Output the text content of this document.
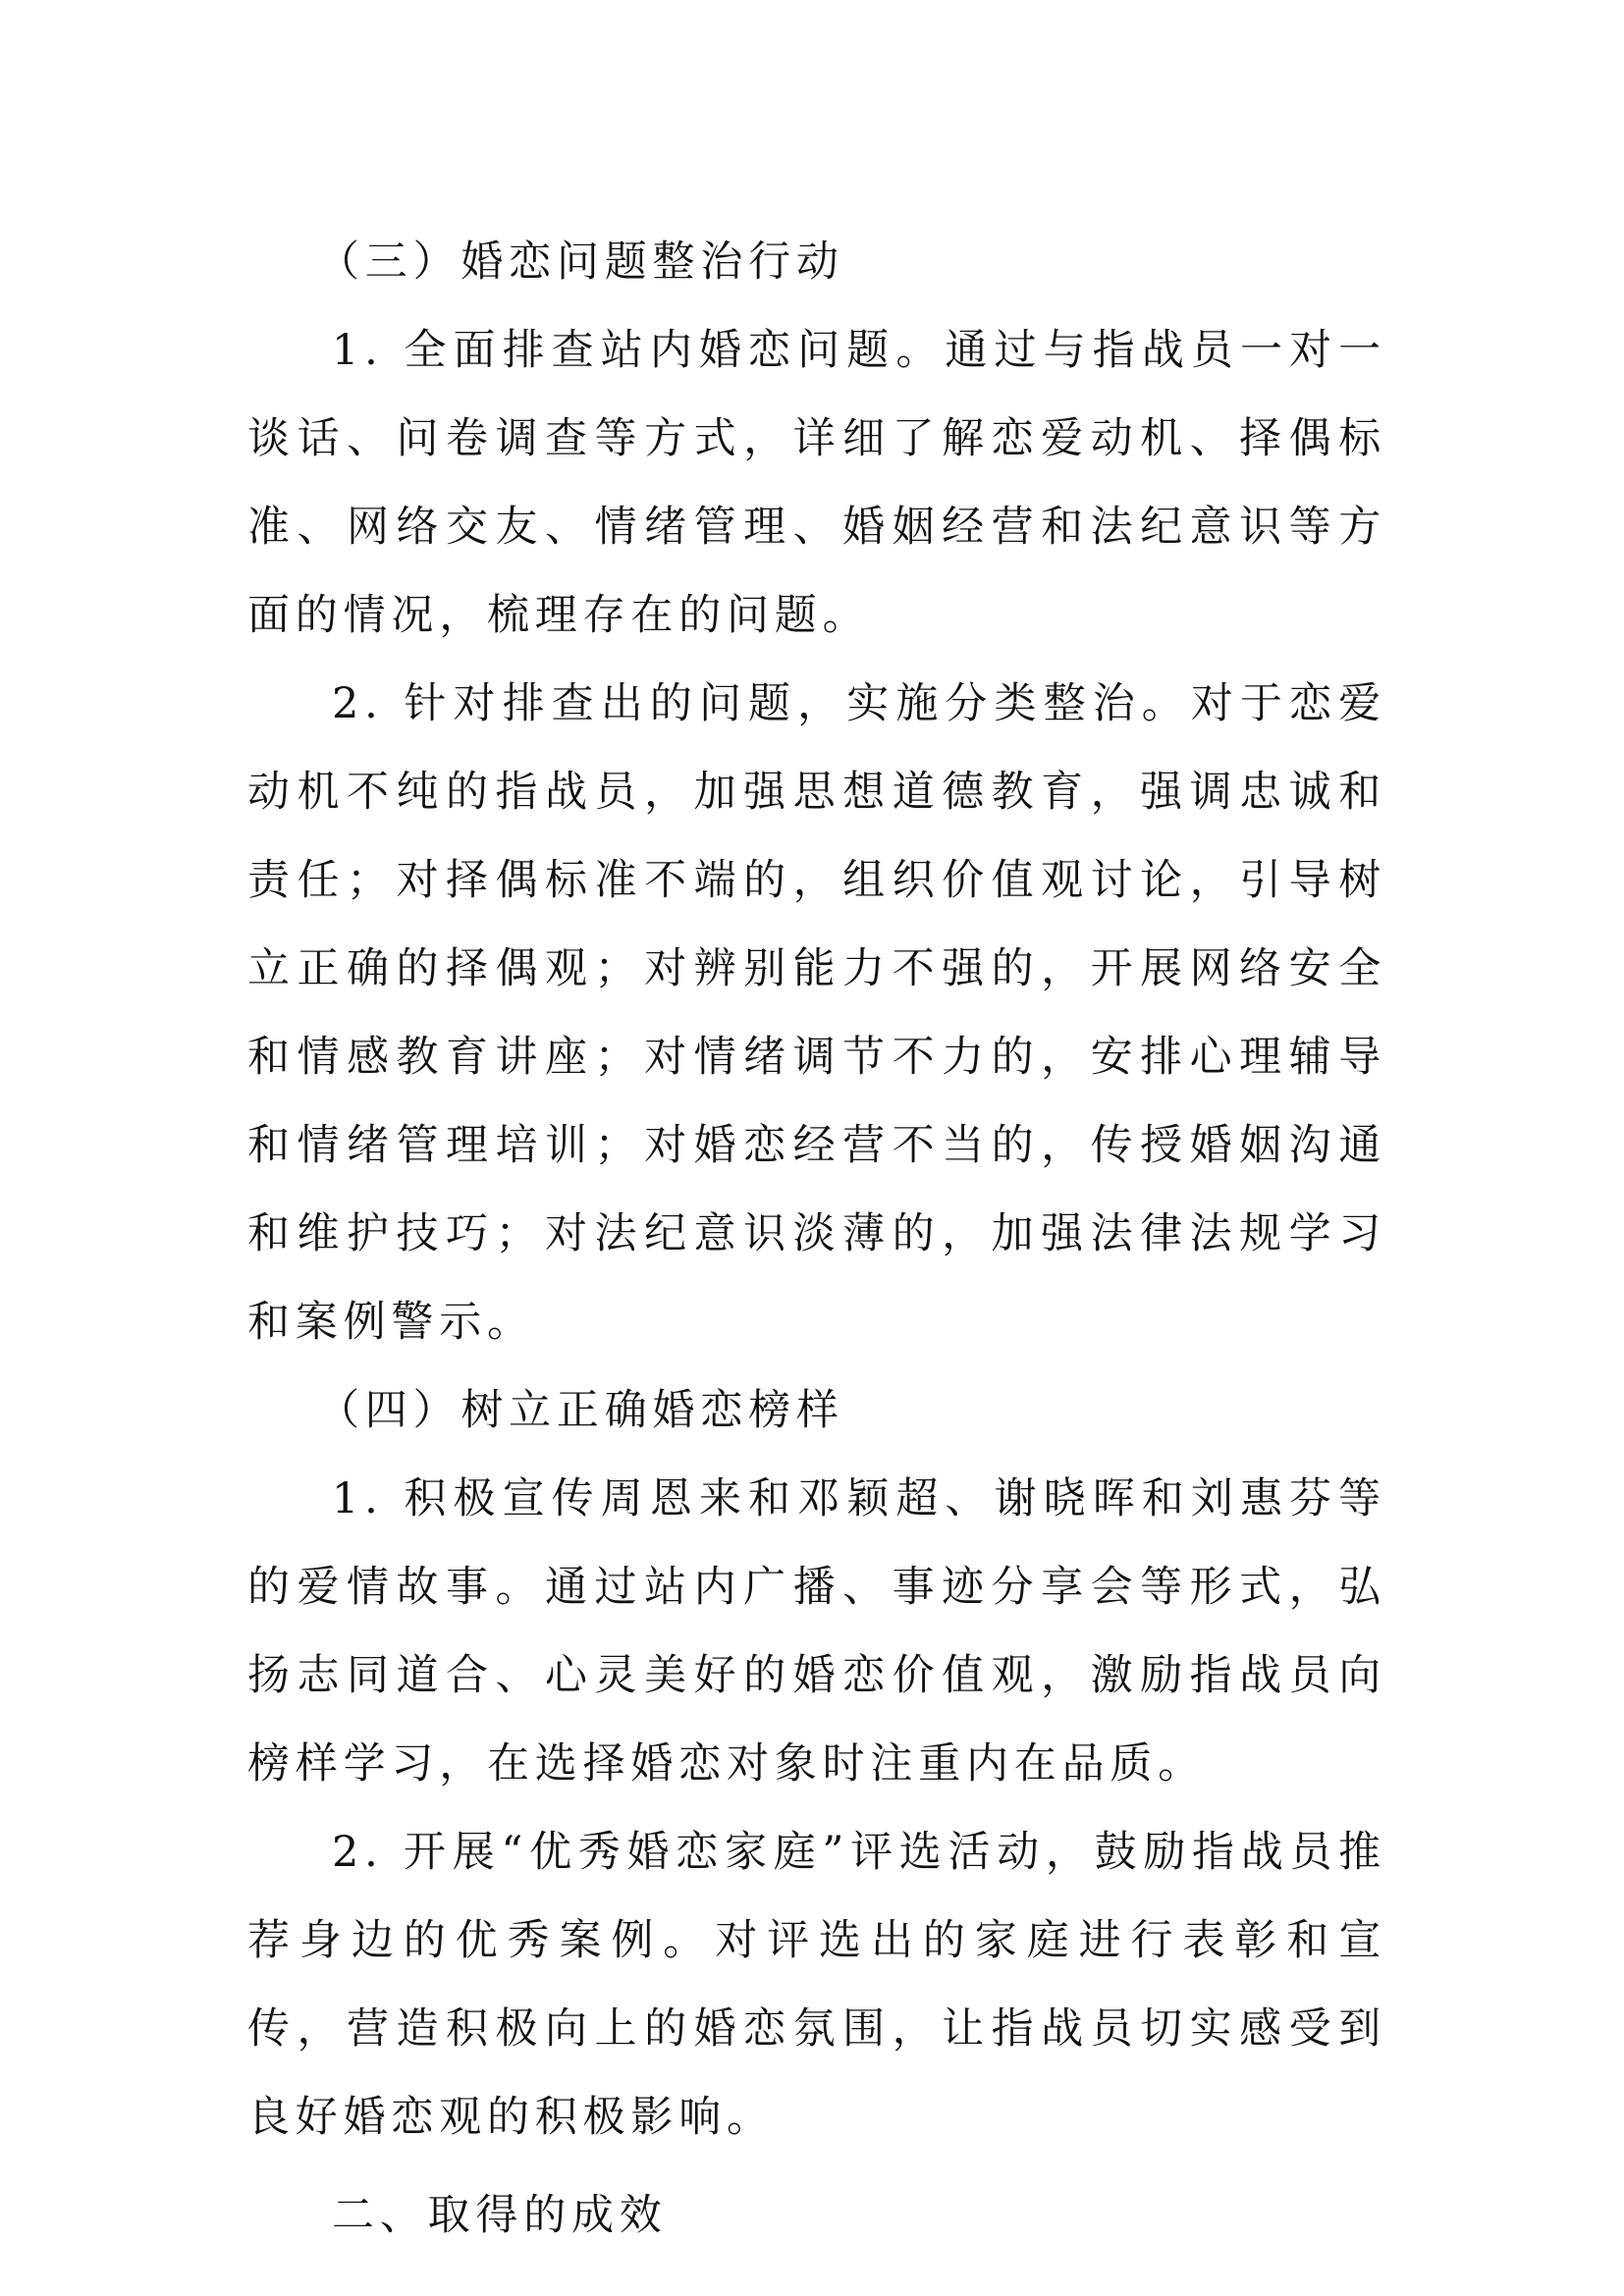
（三）婚恋问题整治行动

1. 全面排查站内婚恋问题。通过与指战员一对一谈话、问卷调查等方式，详细了解恋爱动机、择偶标准、网络交友、情绪管理、婚姻经营和法纪意识等方面的情况，梳理存在的问题。

2. 针对排查出的问题，实施分类整治。对于恋爱动机不纯的指战员，加强思想道德教育，强调忠诚和责任；对择偶标准不端的，组织价值观讨论，引导树立正确的择偶观；对辨别能力不强的，开展网络安全和情感教育讲座；对情绪调节不力的，安排心理辅导和情绪管理培训；对婚恋经营不当的，传授婚姻沟通和维护技巧；对法纪意识淡薄的，加强法律法规学习和案例警示。

（四）树立正确婚恋榜样

1. 积极宣传周恩来和邓颖超、谢晓晖和刘惠芬等的爱情故事。通过站内广播、事迹分享会等形式，弘扬志同道合、心灵美好的婚恋价值观，激励指战员向榜样学习，在选择婚恋对象时注重内在品质。

2. 开展“优秀婚恋家庭”评选活动，鼓励指战员推荐身边的优秀案例。对评选出的家庭进行表彰和宣传，营造积极向上的婚恋氛围，让指战员切实感受到良好婚恋观的积极影响。

二、取得的成效
